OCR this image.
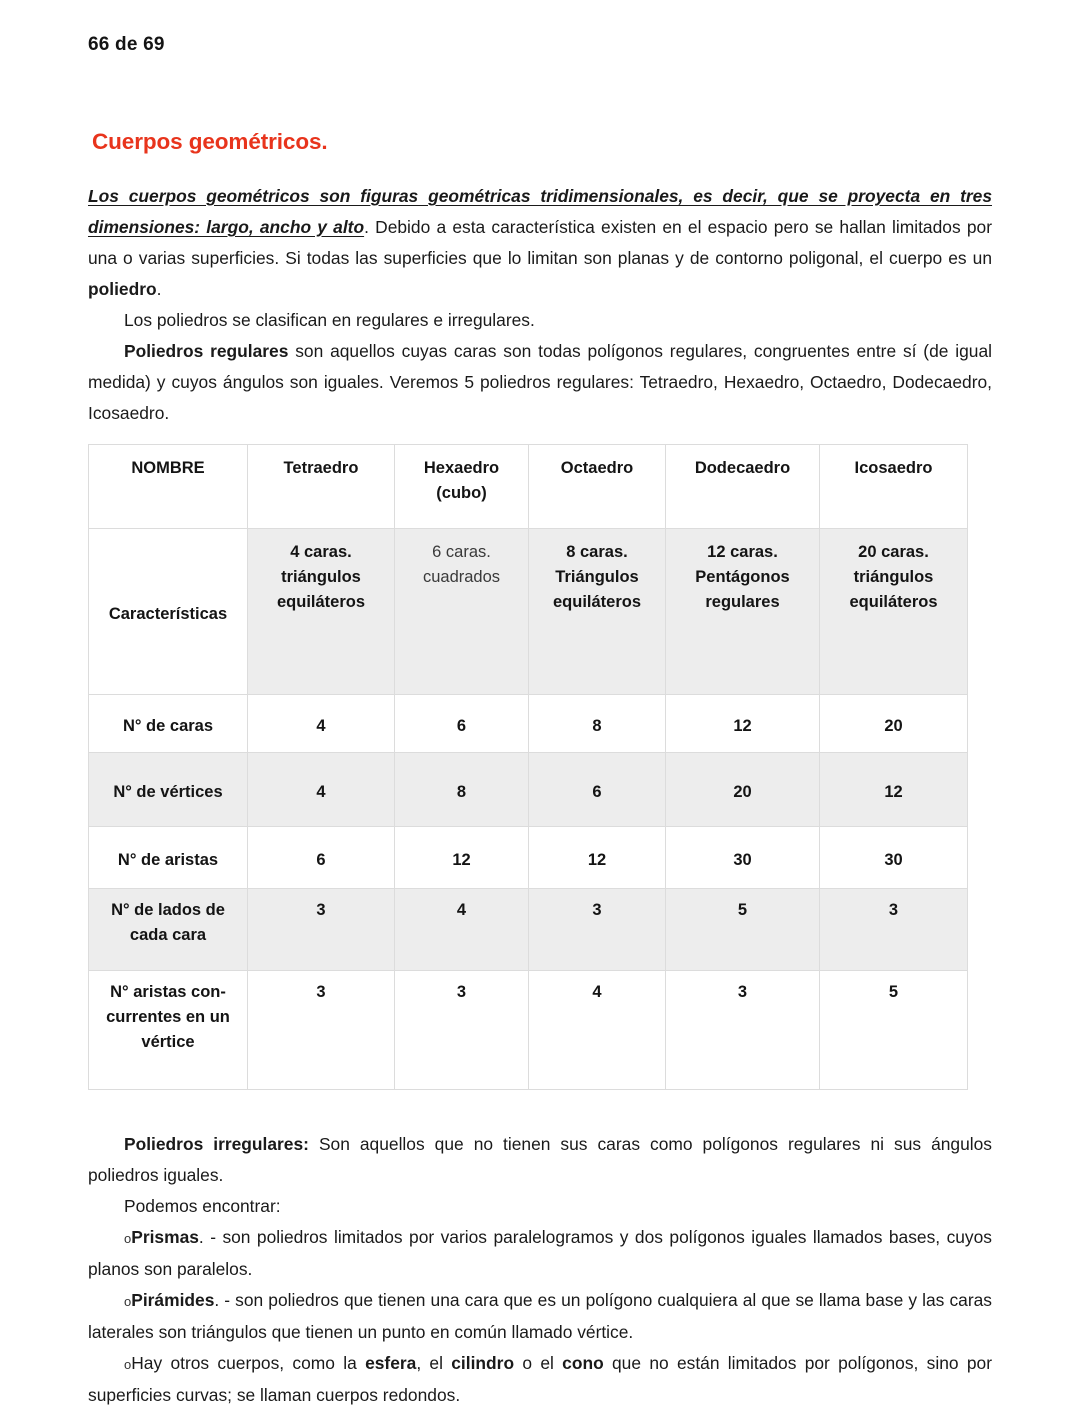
66 de 69
Cuerpos geométricos.

Los cuerpos geométricos son figuras geométricas tridimensionales, es decir, que se proyecta en tres dimensiones: largo, ancho y alto. Debido a esta característica existen en el espacio pero se hallan limitados por una o varias superficies. Si todas las superficies que lo limitan son planas y de contorno poligonal, el cuerpo es un poliedro.

Los poliedros se clasifican en regulares e irregulares.

Poliedros regulares son aquellos cuyas caras son todas polígonos regulares, congruentes entre sí (de igual medida) y cuyos ángulos son iguales. Veremos 5 poliedros regulares: Tetraedro, Hexaedro, Octaedro, Dodecaedro, Icosaedro.

NOMBRE	Tetraedro	Hexaedro (cubo)	Octaedro	Dodecaedro	Icosaedro
Características	4 caras. triángulos equiláteros	6 caras. cuadrados	8 caras. Triángulos equiláteros	12 caras. Pentágonos regulares	20 caras. triángulos equiláteros
N° de caras	4	6	8	12	20
N° de vértices	4	8	6	20	12
N° de aristas	6	12	12	30	30
N° de lados de cada cara	3	4	3	5	3
N° aristas con- currentes en un vértice	3	3	4	3	5

Poliedros irregulares: Son aquellos que no tienen sus caras como polígonos regulares ni sus ángulos poliedros iguales.

Podemos encontrar:

oPrismas. - son poliedros limitados por varios paralelogramos y dos polígonos iguales llamados bases, cuyos planos son paralelos.

oPirámides. - son poliedros que tienen una cara que es un polígono cualquiera al que se llama base y las caras laterales son triángulos que tienen un punto en común llamado vértice.

oHay otros cuerpos, como la esfera, el cilindro o el cono que no están limitados por polígonos, sino por superficies curvas; se llaman cuerpos redondos.
